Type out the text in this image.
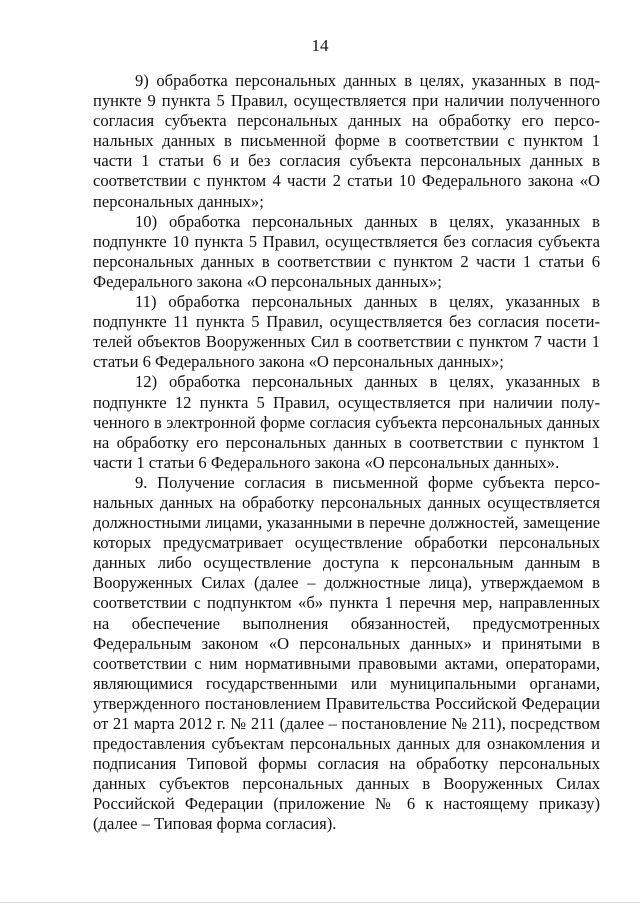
14

9) обработка персональных данных в целях, указанных в подпункте 9 пункта 5 Правил, осуществляется при наличии полученного согласия субъекта персональных данных на обработку его персональных данных в письменной форме в соответствии с пунктом 1 части 1 статьи 6 и без согласия субъекта персональных данных в соответствии с пунктом 4 части 2 статьи 10 Федерального закона «О персональных данных»;

10) обработка персональных данных в целях, указанных в подпункте 10 пункта 5 Правил, осуществляется без согласия субъекта персональных данных в соответствии с пунктом 2 части 1 статьи 6 Федерального закона «О персональных данных»;

11) обработка персональных данных в целях, указанных в подпункте 11 пункта 5 Правил, осуществляется без согласия посетителей объектов Вооруженных Сил в соответствии с пунктом 7 части 1 статьи 6 Федерального закона «О персональных данных»;

12) обработка персональных данных в целях, указанных в подпункте 12 пункта 5 Правил, осуществляется при наличии полученного в электронной форме согласия субъекта персональных данных на обработку его персональных данных в соответствии с пунктом 1 части 1 статьи 6 Федерального закона «О персональных данных».

9. Получение согласия в письменной форме субъекта персональных данных на обработку персональных данных осуществляется должностными лицами, указанными в перечне должностей, замещение которых предусматривает осуществление обработки персональных данных либо осуществление доступа к персональным данным в Вооруженных Силах (далее – должностные лица), утверждаемом в соответствии с подпунктом «б» пункта 1 перечня мер, направленных на обеспечение выполнения обязанностей, предусмотренных Федеральным законом «О персональных данных» и принятыми в соответствии с ним нормативными правовыми актами, операторами, являющимися государственными или муниципальными органами, утвержденного постановлением Правительства Российской Федерации от 21 марта 2012 г. № 211 (далее – постановление № 211), посредством предоставления субъектам персональных данных для ознакомления и подписания Типовой формы согласия на обработку персональных данных субъектов персональных данных в Вооруженных Силах Российской Федерации (приложение № 6 к настоящему приказу) (далее – Типовая форма согласия).
